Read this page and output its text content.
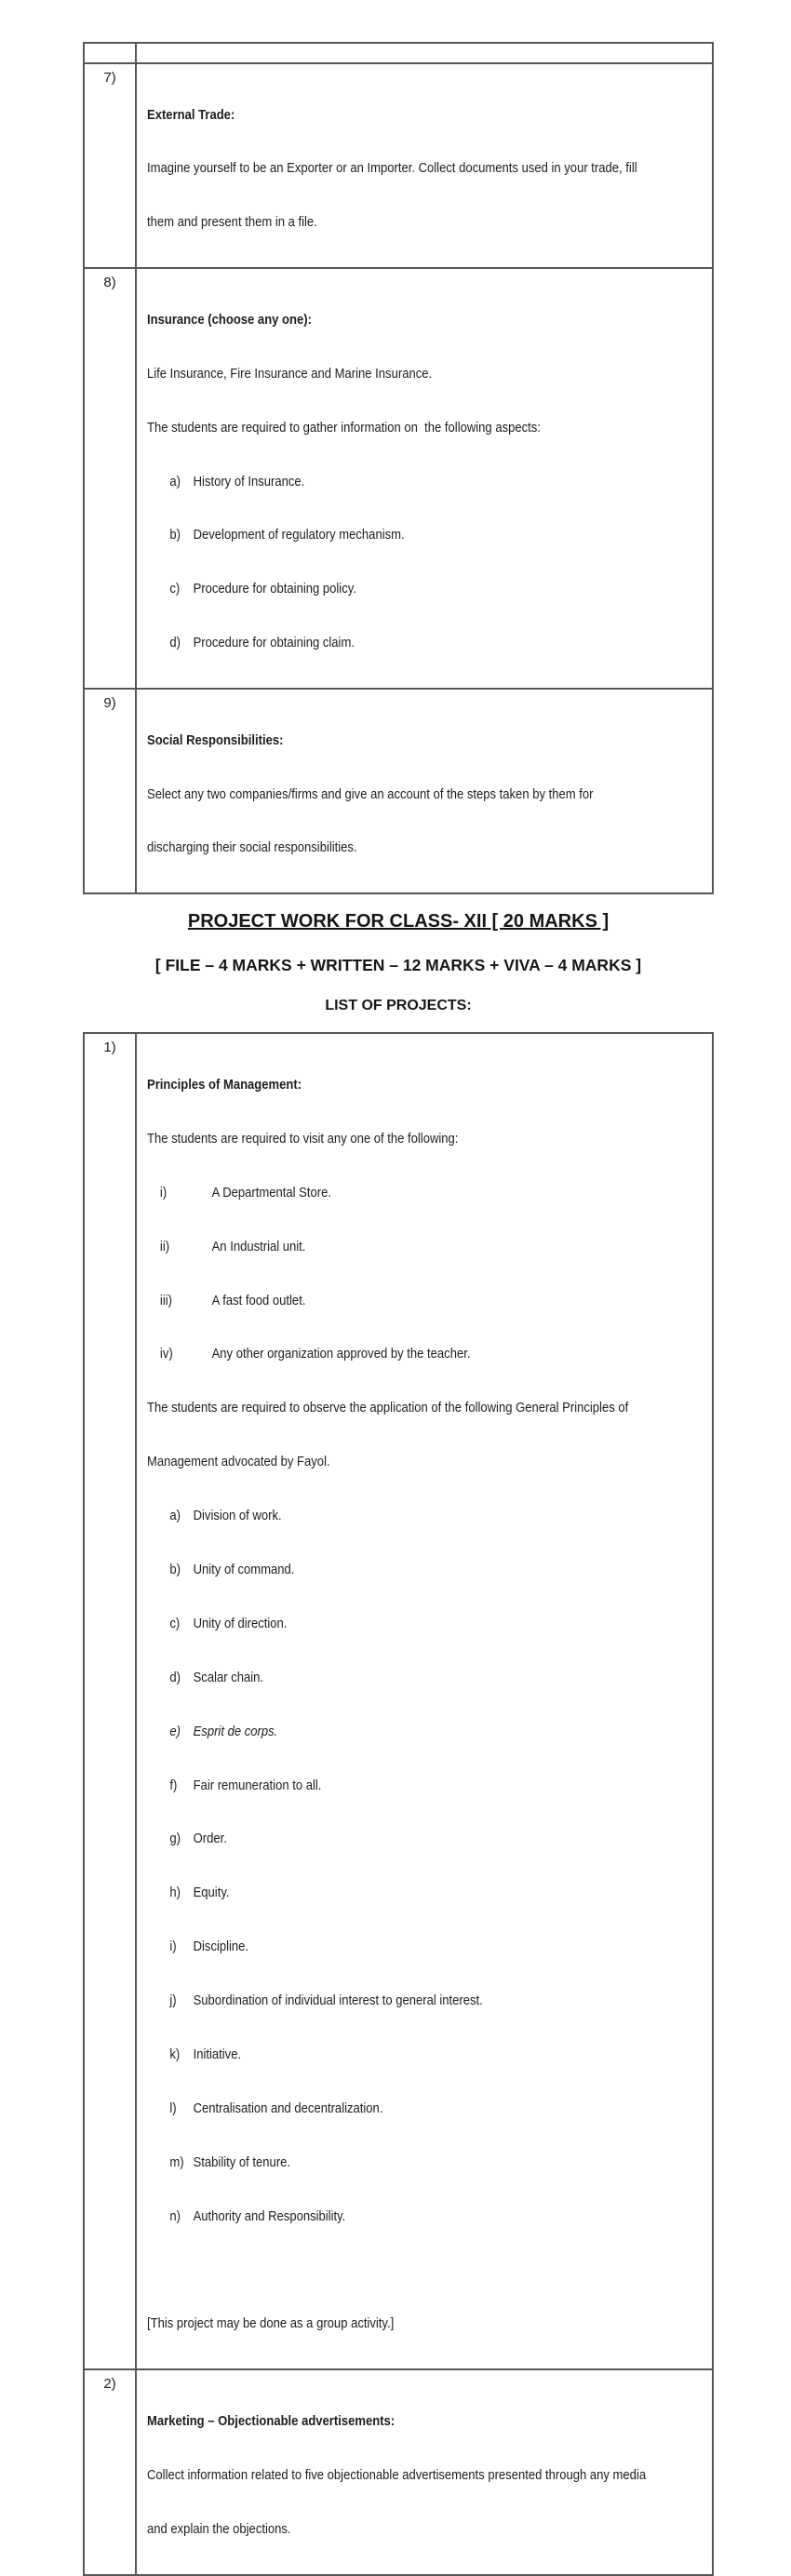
7)

External Trade:

Imagine yourself to be an Exporter or an Importer. Collect documents used in your trade, fill

them and present them in a file.

8)

Insurance (choose any one):

Life Insurance, Fire Insurance and Marine Insurance.

The students are required to gather information on  the following aspects:

a) History of Insurance.

b) Development of regulatory mechanism.

c) Procedure for obtaining policy.

d) Procedure for obtaining claim.

9)

Social Responsibilities:

Select any two companies/firms and give an account of the steps taken by them for

discharging their social responsibilities.

PROJECT WORK FOR CLASS- XII [ 20 MARKS ]
[ FILE – 4 MARKS + WRITTEN – 12 MARKS + VIVA – 4 MARKS ]
LIST OF PROJECTS:
1)

Principles of Management:

The students are required to visit any one of the following:

i)	A Departmental Store.

ii)	An Industrial unit.

iii)	A fast food outlet.

iv)	Any other organization approved by the teacher.

The students are required to observe the application of the following General Principles of

Management advocated by Fayol.

a) Division of work.

b) Unity of command.

c) Unity of direction.

d) Scalar chain.

e) Esprit de corps.

f) Fair remuneration to all.

g) Order.

h) Equity.

i) Discipline.

j) Subordination of individual interest to general interest.

k) Initiative.

l) Centralisation and decentralization.

m) Stability of tenure.

n) Authority and Responsibility.

[This project may be done as a group activity.]

2)

Marketing – Objectionable advertisements:

Collect information related to five objectionable advertisements presented through any media

and explain the objections.
